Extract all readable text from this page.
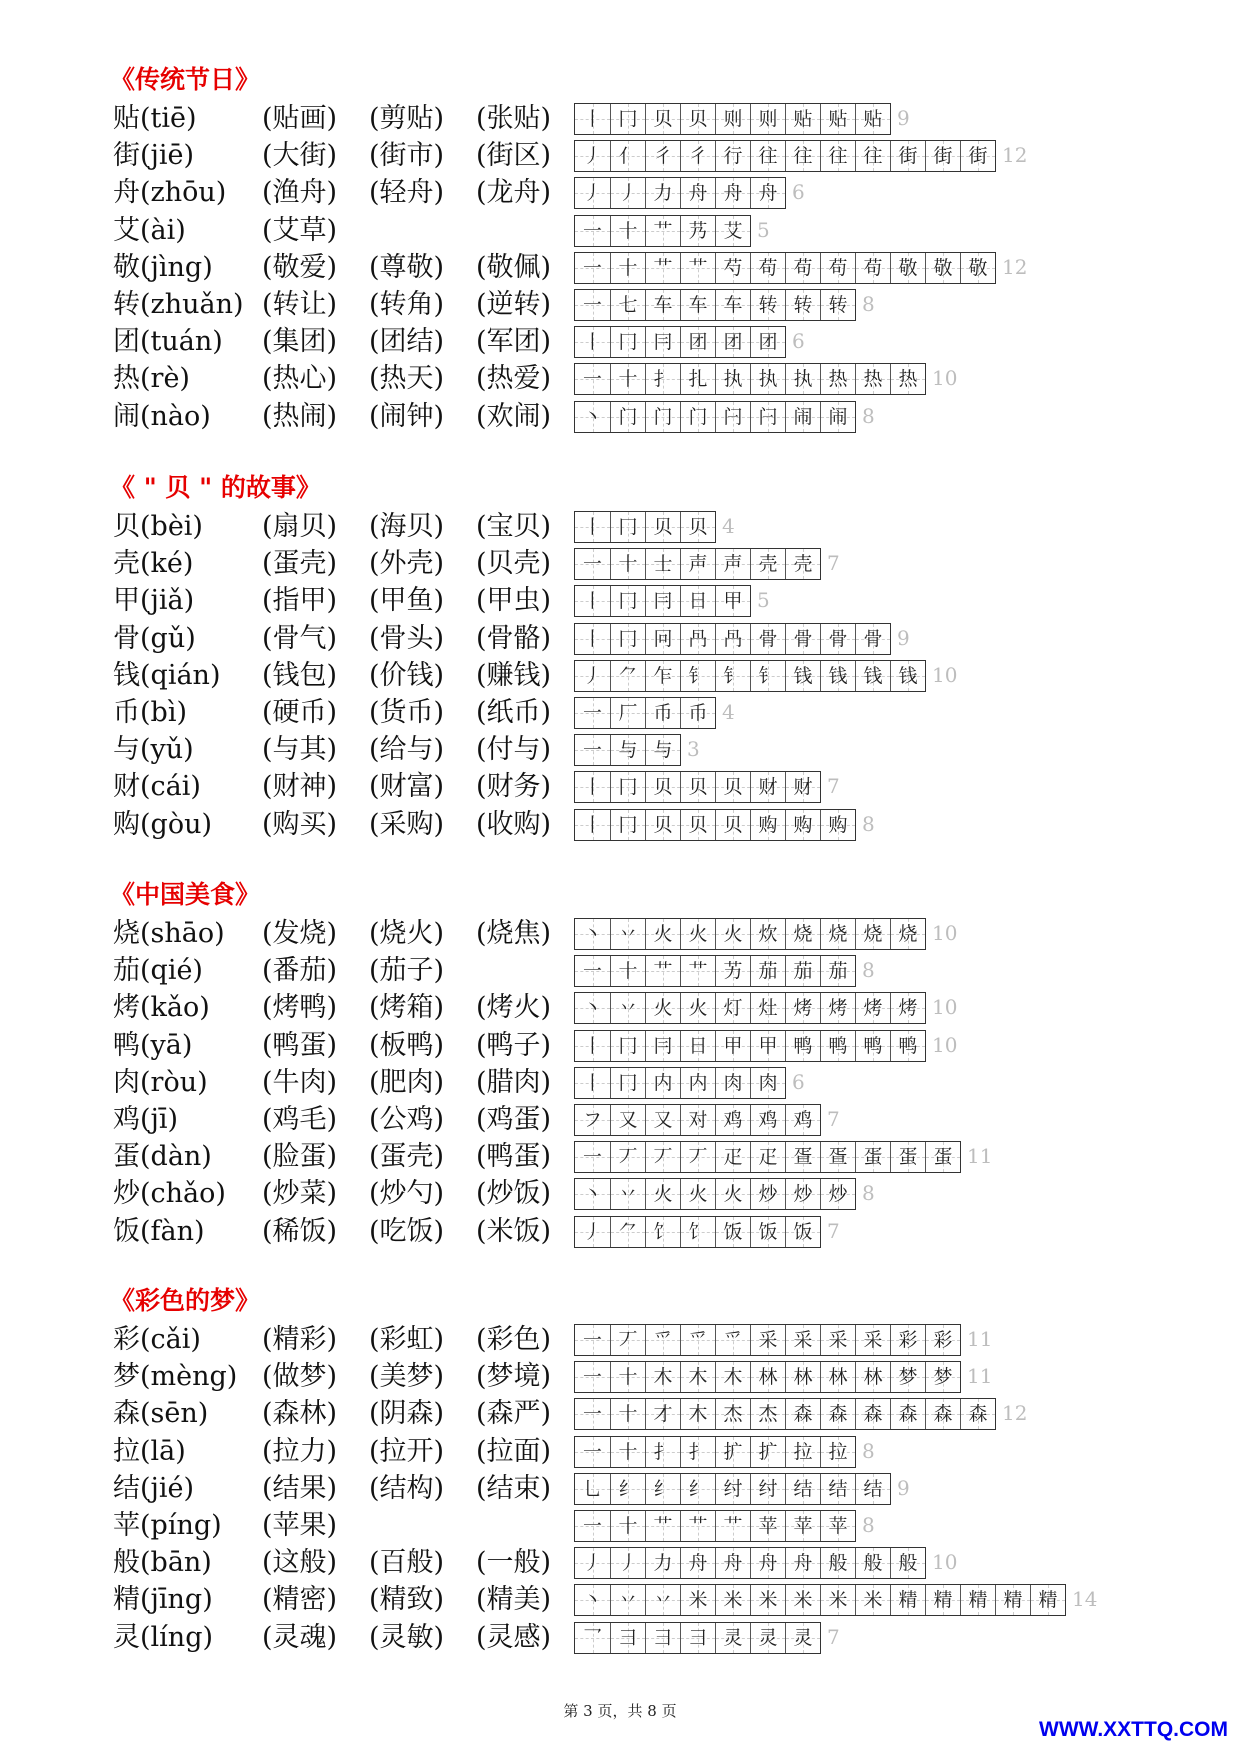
《传统节日》
贴(tiē) (贴画) (剪贴) (张贴)	丨 冂 贝 贝 则 则 贴 贴 贴 9
街(jiē)	(大街) (街市) (街区)	丿 ⺅ 彳 彳 行 往 往 往 往 街 街 街 12
舟(zhōu) (渔舟) (轻舟) (龙舟)	丿 丿 力 舟 舟 舟 6
艾(ài)	(艾草)	一 十 艹 艿 艾 5
敬(jìng) (敬爱) (尊敬) (敬佩)	一 十 艹 艹 芍 苟 苟 苟 苟 敬 敬 敬 12
转(zhuǎn) (转让) (转角) (逆转)	一 七 车 车 车 转 转 转 8
团(tuán) (集团) (团结) (军团)	丨 冂 冃 团 团 团 6
热(rè)	(热心) (热天) (热爱)	一 十 扌 扎 执 执 执 热 热 热 10
闹(nào) (热闹) (闹钟) (欢闹)	丶 门 门 门 闩 闩 闹 闹 8
《 " 贝 " 的故事》
贝(bèi) (扇贝) (海贝) (宝贝)	丨 冂 贝 贝 4
壳(ké)	(蛋壳) (外壳) (贝壳)	一 十 士 声 声 壳 壳 7
甲(jiǎ)	(指甲) (甲鱼) (甲虫)	丨 冂 冃 日 甲 5
骨(gǔ) (骨气) (骨头) (骨骼)	丨 冂 冋 冎 冎 骨 骨 骨 骨 9
钱(qián) (钱包) (价钱) (赚钱)	丿 ⺈ 乍 钅 钅 钅 钱 钱 钱 钱 10
币(bì)	(硬币) (货币) (纸币)	一 厂 币 币 4
与(yǔ)	(与其) (给与) (付与)	一 与 与 3
财(cái) (财神) (财富) (财务)	丨 冂 贝 贝 贝 财 财 7
购(gòu) (购买) (采购) (收购)	丨 冂 贝 贝 贝 购 购 购 8
《中国美食》
烧(shāo) (发烧) (烧火) (烧焦)	丶 丷 火 火 火 炊 烧 烧 烧 烧 10
茄(qié) (番茄) (茄子)	一 十 艹 艹 艻 茄 茄 茄 8
烤(kǎo) (烤鸭) (烤箱) (烤火)	丶 丷 火 火 灯 灶 烤 烤 烤 烤 10
鸭(yā)	(鸭蛋) (板鸭) (鸭子)	丨 冂 冃 日 甲 甲 鸭 鸭 鸭 鸭 10
肉(ròu) (牛肉) (肥肉) (腊肉)	丨 冂 内 内 肉 肉 6
鸡(jī)	(鸡毛) (公鸡) (鸡蛋)	フ 又 又 对 鸡 鸡 鸡 7
蛋(dàn) (脸蛋) (蛋壳) (鸭蛋)	一 丆 丆 丆 疋 疋 疍 疍 蛋 蛋 蛋 11
炒(chǎo) (炒菜) (炒勺) (炒饭)	丶 丷 火 火 火 炒 炒 炒 8
饭(fàn) (稀饭) (吃饭) (米饭)	丿 ⺈ 饣 饣 饭 饭 饭 7
《彩色的梦》
彩(cǎi) (精彩) (彩虹) (彩色)	一 丆 爫 爫 爫 采 采 采 采 彩 彩 11
梦(mèng) (做梦) (美梦) (梦境)	一 十 木 木 木 林 林 林 林 梦 梦 11
森(sēn) (森林) (阴森) (森严)	一 十 才 木 杰 杰 森 森 森 森 森 森 12
拉(lā)	(拉力) (拉开) (拉面)	一 十 扌 扌 扩 扩 拉 拉 8
结(jié)	(结果) (结构) (结束)	乚 纟 纟 纟 纣 纣 结 结 结 9
苹(píng) (苹果)	一 十 艹 艹 艹 苹 苹 苹 8
般(bān) (这般) (百般) (一般)	丿 丿 力 舟 舟 舟 舟 般 般 般 10
精(jīng) (精密) (精致) (精美)	丶 丷 丷 米 米 米 米 米 米 精 精 精 精 精 14
灵(líng) (灵魂) (灵敏) (灵感)	乛 彐 彐 彐 灵 灵 灵 7
第 3 页，共 8 页
WWW.XXTTQ.COM
